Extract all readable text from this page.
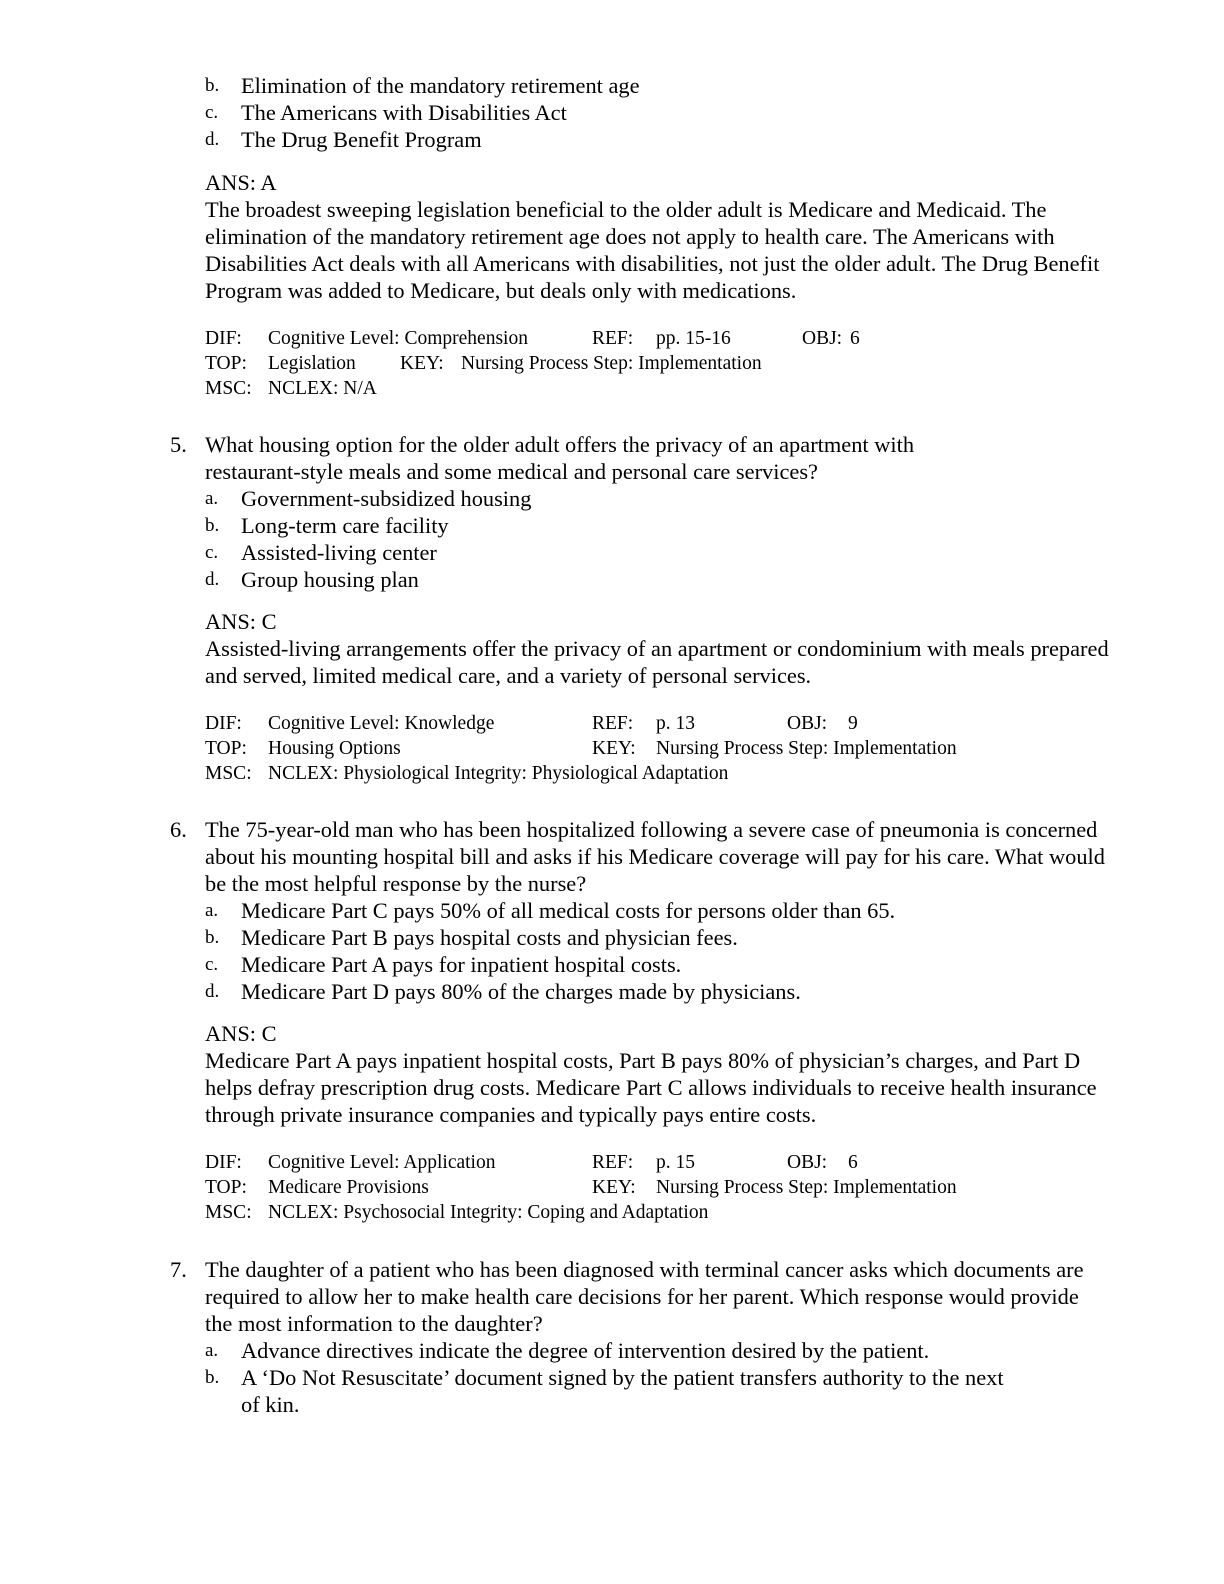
b. Elimination of the mandatory retirement age
c. The Americans with Disabilities Act
d. The Drug Benefit Program
ANS: A

The broadest sweeping legislation beneficial to the older adult is Medicare and Medicaid. The elimination of the mandatory retirement age does not apply to health care. The Americans with Disabilities Act deals with all Americans with disabilities, not just the older adult. The Drug Benefit Program was added to Medicare, but deals only with medications.

DIF: Cognitive Level: Comprehension	REF: pp. 15-16	OBJ: 6
TOP: Legislation KEY: Nursing Process Step: Implementation
MSC: NCLEX: N/A
5. What housing option for the older adult offers the privacy of an apartment with restaurant-style meals and some medical and personal care services?

a. Government-subsidized housing
b. Long-term care facility
c. Assisted-living center
d. Group housing plan
ANS: C

Assisted-living arrangements offer the privacy of an apartment or condominium with meals prepared and served, limited medical care, and a variety of personal services.

DIF: Cognitive Level: Knowledge	REF: p. 13	OBJ: 9
TOP: Housing Options	KEY: Nursing Process Step: Implementation
MSC: NCLEX: Physiological Integrity: Physiological Adaptation
6. The 75-year-old man who has been hospitalized following a severe case of pneumonia is concerned about his mounting hospital bill and asks if his Medicare coverage will pay for his care. What would be the most helpful response by the nurse?

a. Medicare Part C pays 50% of all medical costs for persons older than 65.
b. Medicare Part B pays hospital costs and physician fees.
c. Medicare Part A pays for inpatient hospital costs.
d. Medicare Part D pays 80% of the charges made by physicians.
ANS: C

Medicare Part A pays inpatient hospital costs, Part B pays 80% of physician’s charges, and Part D helps defray prescription drug costs. Medicare Part C allows individuals to receive health insurance through private insurance companies and typically pays entire costs.

DIF: Cognitive Level: Application	REF: p. 15	OBJ: 6
TOP: Medicare Provisions	KEY: Nursing Process Step: Implementation
MSC: NCLEX: Psychosocial Integrity: Coping and Adaptation
7. The daughter of a patient who has been diagnosed with terminal cancer asks which documents are required to allow her to make health care decisions for her parent. Which response would provide the most information to the daughter?

a. Advance directives indicate the degree of intervention desired by the patient.
b. A ‘Do Not Resuscitate’ document signed by the patient transfers authority to the next of kin.
